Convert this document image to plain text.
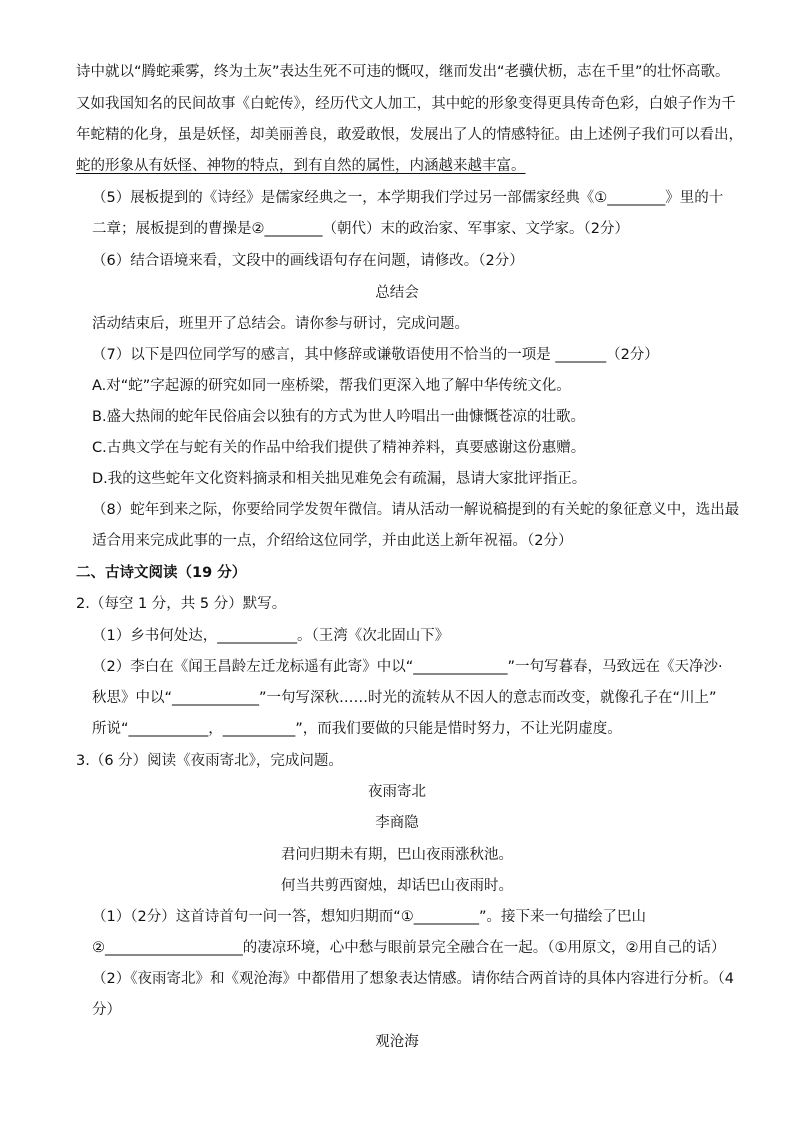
诗中就以“腾蛇乘雾，终为土灰”表达生死不可违的慨叹，继而发出“老骥伏枥，志在千里”的壮怀高歌。
又如我国知名的民间故事《白蛇传》，经历代文人加工，其中蛇的形象变得更具传奇色彩，白娘子作为千
年蛇精的化身，虽是妖怪，却美丽善良，敢爱敢恨，发展出了人的情感特征。由上述例子我们可以看出，
蛇的形象从有妖怪、神物的特点，到有自然的属性，内涵越来越丰富。
（5）展板提到的《诗经》是儒家经典之一，本学期我们学过另一部儒家经典《①________》里的十
二章；展板提到的曹操是②________（朝代）末的政治家、军事家、文学家。（2分）
（6）结合语境来看，文段中的画线语句存在问题，请修改。（2分）
总结会
活动结束后，班里开了总结会。请你参与研讨，完成问题。
（7）以下是四位同学写的感言，其中修辞或谦敬语使用不恰当的一项是 _______（2分）
A.对“蛇”字起源的研究如同一座桥梁，帮我们更深入地了解中华传统文化。
B.盛大热闹的蛇年民俗庙会以独有的方式为世人吟唱出一曲慷慨苍凉的壮歌。
C.古典文学在与蛇有关的作品中给我们提供了精神养料，真要感谢这份惠赠。
D.我的这些蛇年文化资料摘录和相关拙见难免会有疏漏，恳请大家批评指正。
（8）蛇年到来之际，你要给同学发贺年微信。请从活动一解说稿提到的有关蛇的象征意义中，选出最
适合用来完成此事的一点，介绍给这位同学，并由此送上新年祝福。（2分）
二、古诗文阅读（19 分）
2.（每空 1 分，共 5 分）默写。
（1）乡书何处达，___________。（王湾《次北固山下》
（2）李白在《闻王昌龄左迁龙标遥有此寄》中以“_____________”一句写暮春，马致远在《天净沙·
秋思》中以“____________”一句写深秋……时光的流转从不因人的意志而改变，就像孔子在“川上”
所说“___________，__________”，而我们要做的只能是惜时努力，不让光阴虚度。
3.（6 分）阅读《夜雨寄北》，完成问题。
夜雨寄北
李商隐
君问归期未有期，巴山夜雨涨秋池。
何当共剪西窗烛，却话巴山夜雨时。
（1）（2分）这首诗首句一问一答，想知归期而“①_________”。接下来一句描绘了巴山
②___________________的凄凉环境，心中愁与眼前景完全融合在一起。（①用原文，②用自己的话）
（2）《夜雨寄北》和《观沧海》中都借用了想象表达情感。请你结合两首诗的具体内容进行分析。（4
分）
观沧海
